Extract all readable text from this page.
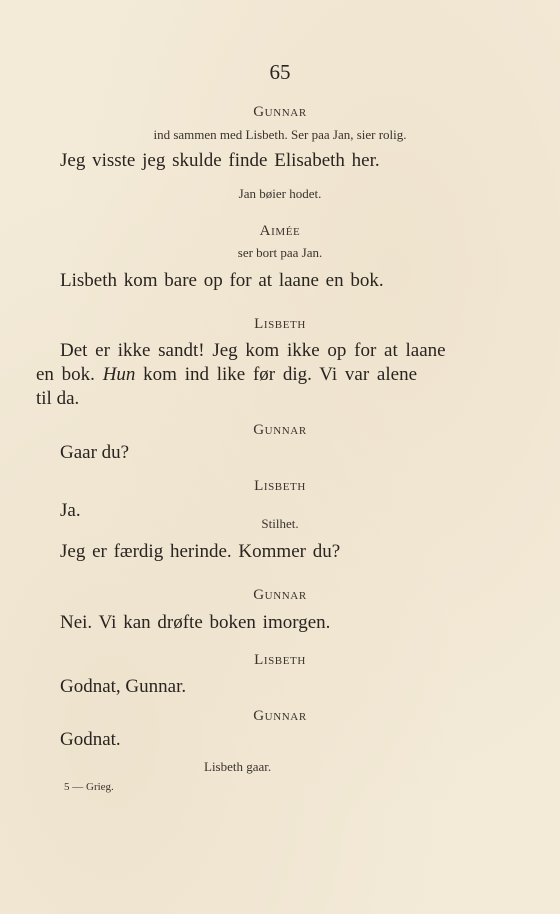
65
Gunnar
ind sammen med Lisbeth. Ser paa Jan, sier rolig.
Jeg visste jeg skulde finde Elisabeth her.
Jan bøier hodet.
Aimée
ser bort paa Jan.
Lisbeth kom bare op for at laane en bok.
Lisbeth
Det er ikke sandt! Jeg kom ikke op for at laane
en bok. Hun kom ind like før dig. Vi var alene
til da.
Gunnar
Gaar du?
Lisbeth
Ja.
Stilhet.
Jeg er færdig herinde. Kommer du?
Gunnar
Nei. Vi kan drøfte boken imorgen.
Lisbeth
Godnat, Gunnar.
Gunnar
Godnat.
Lisbeth gaar.
5 — Grieg.
